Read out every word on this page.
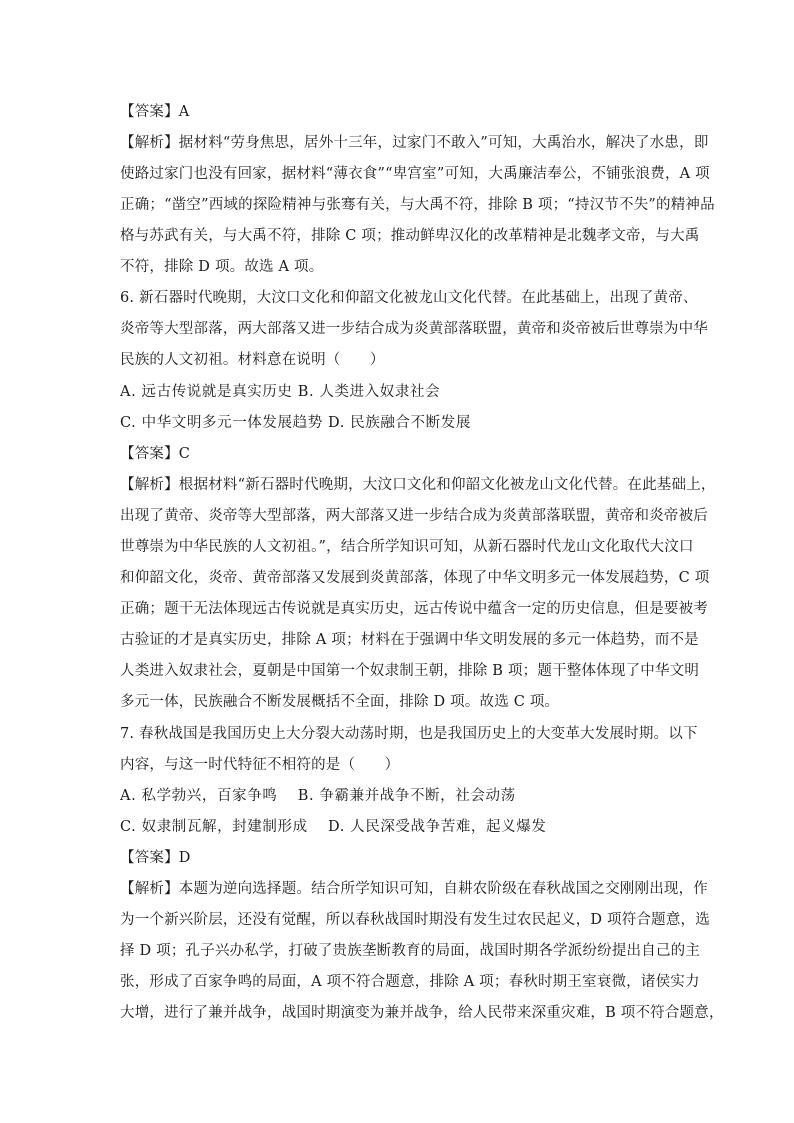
【答案】A
【解析】据材料“劳身焦思，居外十三年，过家门不敢入”可知，大禹治水，解决了水患，即
使路过家门也没有回家，据材料“薄衣食”“卑宫室”可知，大禹廉洁奉公，不铺张浪费，A 项
正确；“凿空”西域的探险精神与张骞有关，与大禹不符，排除 B 项；“持汉节不失”的精神品
格与苏武有关，与大禹不符，排除 C 项；推动鲜卑汉化的改革精神是北魏孝文帝，与大禹
不符，排除 D 项。故选 A 项。
6. 新石器时代晚期，大汶口文化和仰韶文化被龙山文化代替。在此基础上，出现了黄帝、
炎帝等大型部落，两大部落又进一步结合成为炎黄部落联盟，黄帝和炎帝被后世尊崇为中华
民族的人文初祖。材料意在说明（　　）
A. 远古传说就是真实历史 B. 人类进入奴隶社会
C. 中华文明多元一体发展趋势 D. 民族融合不断发展
【答案】C
【解析】根据材料“新石器时代晚期，大汶口文化和仰韶文化被龙山文化代替。在此基础上，
出现了黄帝、炎帝等大型部落，两大部落又进一步结合成为炎黄部落联盟，黄帝和炎帝被后
世尊崇为中华民族的人文初祖。”，结合所学知识可知，从新石器时代龙山文化取代大汶口
和仰韶文化，炎帝、黄帝部落又发展到炎黄部落，体现了中华文明多元一体发展趋势，C 项
正确；题干无法体现远古传说就是真实历史，远古传说中蕴含一定的历史信息，但是要被考
古验证的才是真实历史，排除 A 项；材料在于强调中华文明发展的多元一体趋势，而不是
人类进入奴隶社会，夏朝是中国第一个奴隶制王朝，排除 B 项；题干整体体现了中华文明
多元一体，民族融合不断发展概括不全面，排除 D 项。故选 C 项。
7. 春秋战国是我国历史上大分裂大动荡时期，也是我国历史上的大变革大发展时期。以下
内容，与这一时代特征不相符的是（　　）
A. 私学勃兴，百家争鸣　 B. 争霸兼并战争不断，社会动荡
C. 奴隶制瓦解，封建制形成　 D. 人民深受战争苦难，起义爆发
【答案】D
【解析】本题为逆向选择题。结合所学知识可知，自耕农阶级在春秋战国之交刚刚出现，作
为一个新兴阶层，还没有觉醒，所以春秋战国时期没有发生过农民起义，D 项符合题意，选
择 D 项；孔子兴办私学，打破了贵族垄断教育的局面，战国时期各学派纷纷提出自己的主
张，形成了百家争鸣的局面，A 项不符合题意，排除 A 项；春秋时期王室衰微，诸侯实力
大增，进行了兼并战争，战国时期演变为兼并战争，给人民带来深重灾难，B 项不符合题意，
